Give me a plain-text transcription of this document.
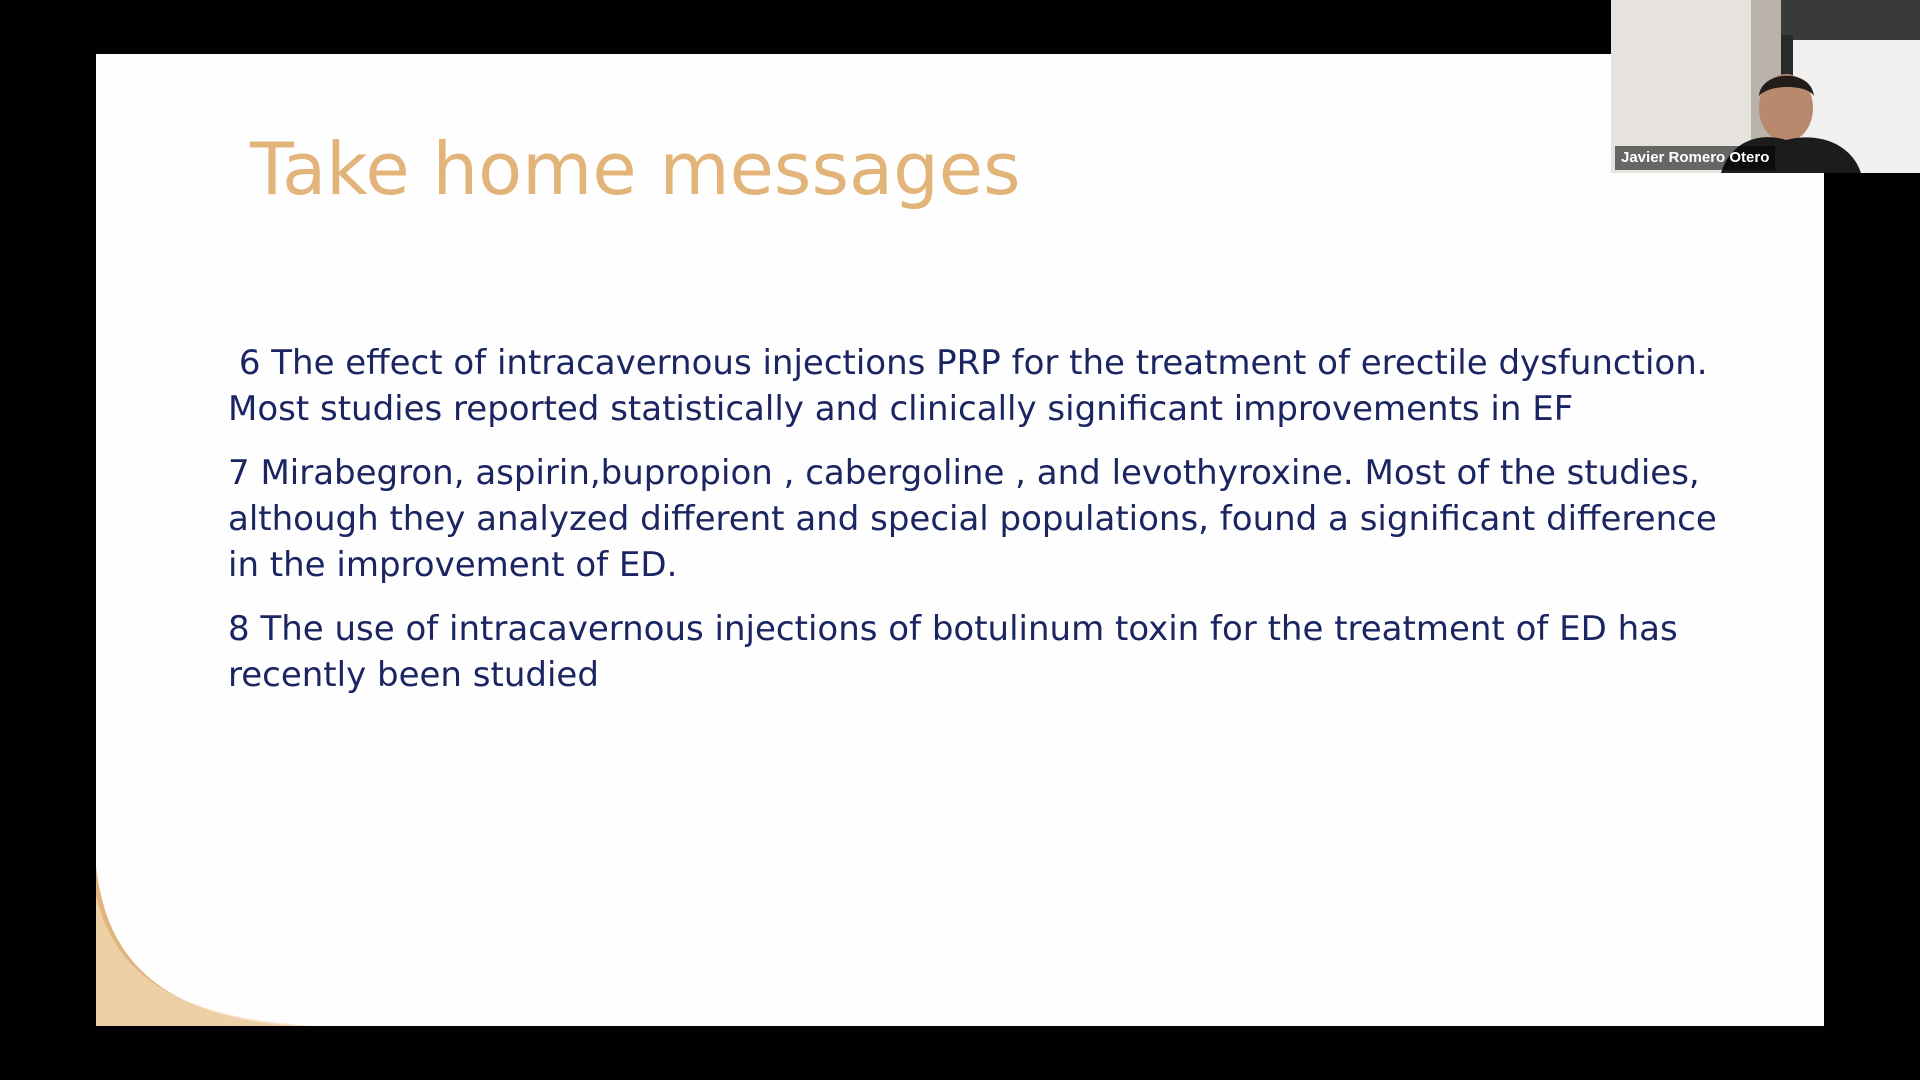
Take home messages
6 The effect of intracavernous injections PRP for the treatment of erectile dysfunction. Most studies reported statistically and clinically significant improvements in EF
7 Mirabegron, aspirin,bupropion , cabergoline , and levothyroxine. Most of the studies, although they analyzed different and special populations, found a significant difference in the improvement of ED.
8 The use of intracavernous injections of botulinum toxin for the treatment of ED has recently been studied
Javier Romero Otero
